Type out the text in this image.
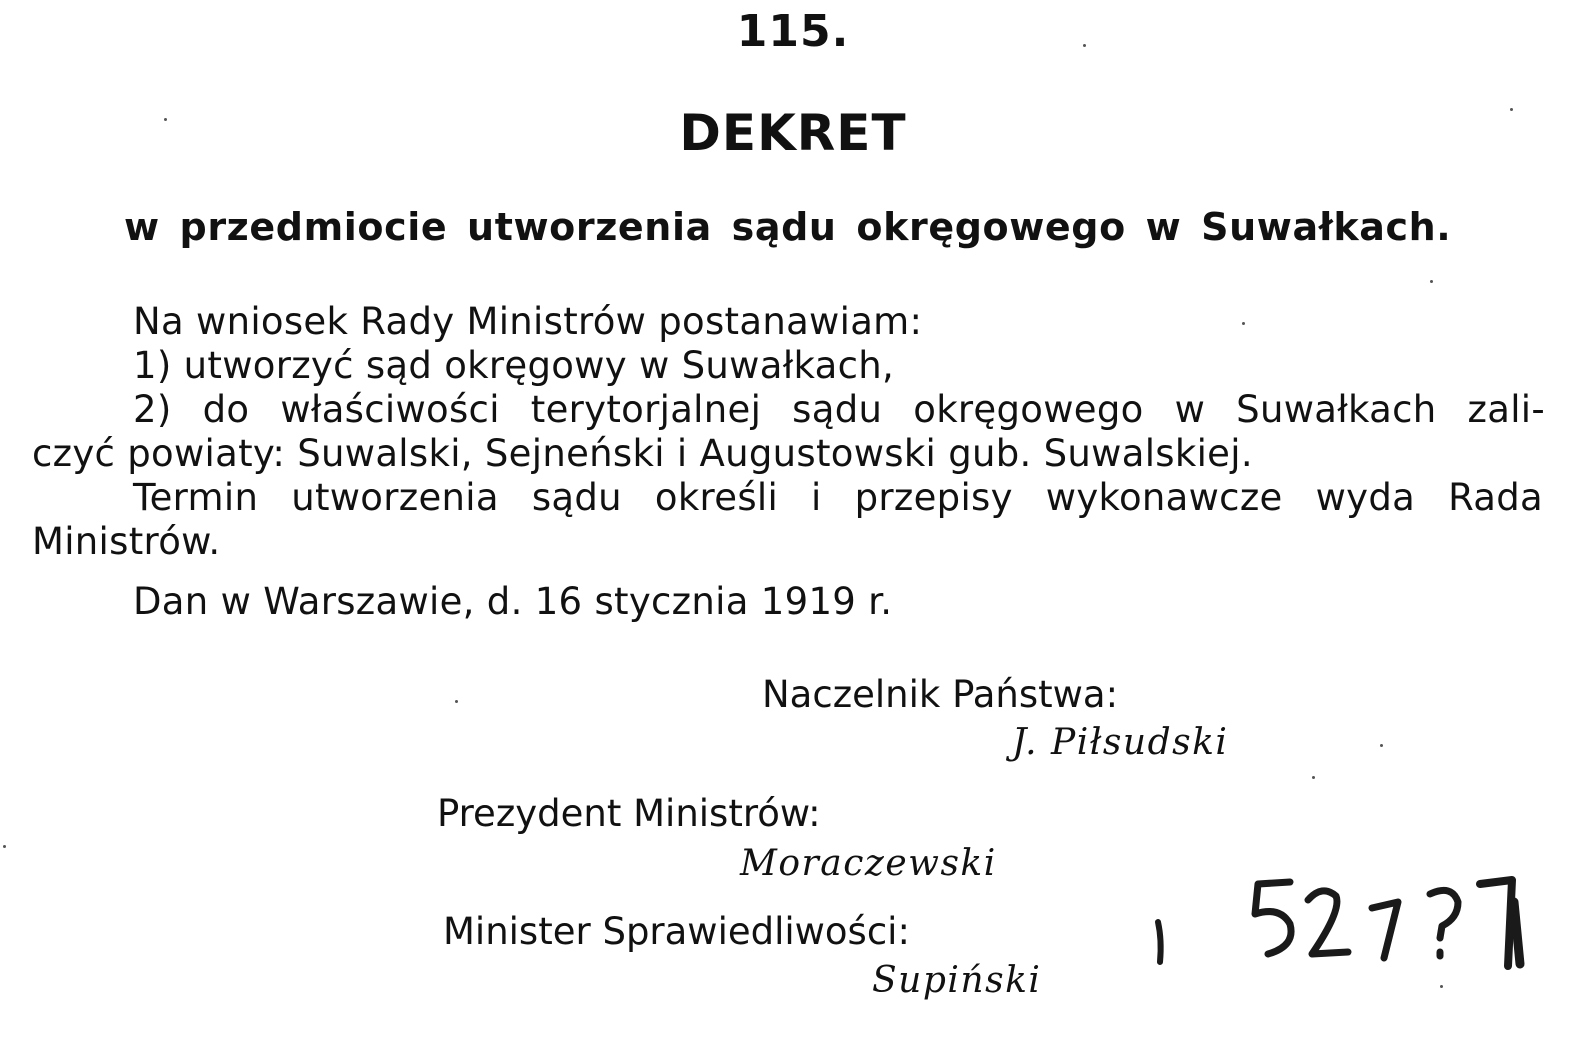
115.
DEKRET
w przedmiocie utworzenia sądu okręgowego w Suwałkach.
Na wniosek Rady Ministrów postanawiam:
1) utworzyć sąd okręgowy w Suwałkach,
2) do właściwości terytorjalnej sądu okręgowego w Suwałkach zali-
czyć powiaty: Suwalski, Sejneński i Augustowski gub. Suwalskiej.
Termin utworzenia sądu określi i przepisy wykonawcze wyda Rada
Ministrów.
Dan w Warszawie, d. 16 stycznia 1919 r.
Naczelnik Państwa:
J. Piłsudski
Prezydent Ministrów:
Moraczewski
Minister Sprawiedliwości:
Supiński
